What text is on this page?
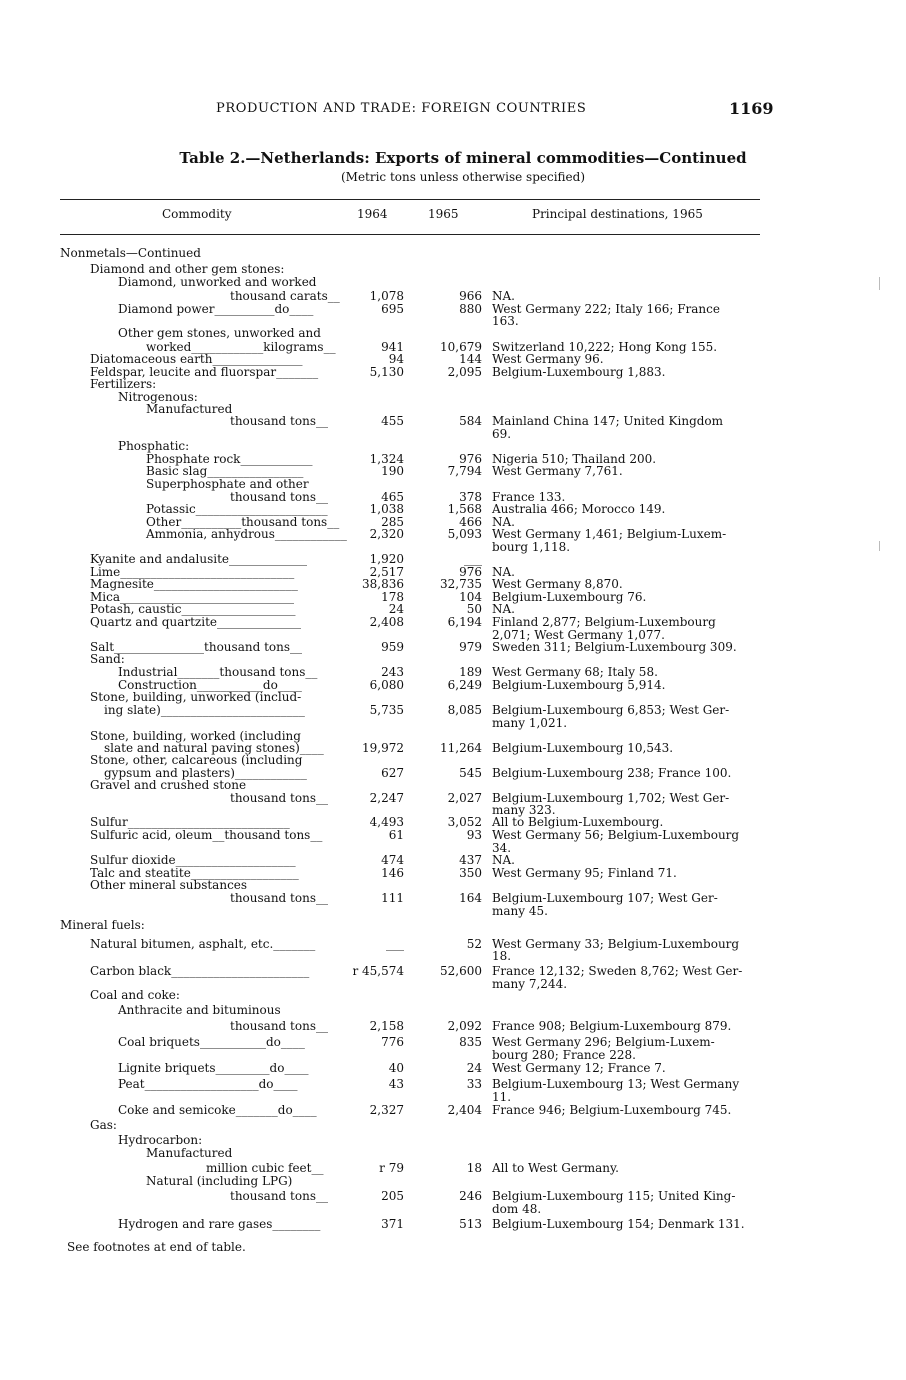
PRODUCTION AND TRADE: FOREIGN COUNTRIES	1169
Table 2.—Netherlands: Exports of mineral commodities—Continued
(Metric tons unless otherwise specified)
Commodity	1964	1965	Principal destinations, 1965
Nonmetals—Continued
Diamond and other gem stones:
Diamond, unworked and worked
thousand carats__	1,078	966 NA.
Diamond power__________do____	695	880 West Germany 222; Italy 166; France
163.
Other gem stones, unworked and
worked____________kilograms__	941	10,679 Switzerland 10,222; Hong Kong 155.
Diatomaceous earth_______________	94	144 West Germany 96.
Feldspar, leucite and fluorspar_______	5,130	2,095 Belgium-Luxembourg 1,883.
Fertilizers:
Nitrogenous:
Manufactured
thousand tons__	455	584 Mainland China 147; United Kingdom
69.
Phosphatic:
Phosphate rock____________	1,324	976 Nigeria 510; Thailand 200.
Basic slag________________	190	7,794 West Germany 7,761.
Superphosphate and other
thousand tons__	465	378 France 133.
Potassic______________________	1,038	1,568 Australia 466; Morocco 149.
Other__________thousand tons__	285	466 NA.
Ammonia, anhydrous____________	2,320	5,093 West Germany 1,461; Belgium-Luxem-
bourg 1,118.
Kyanite and andalusite_____________	1,920	___
Lime_____________________________	2,517	976 NA.
Magnesite________________________	38,836	32,735 West Germany 8,870.
Mica_____________________________	178	104 Belgium-Luxembourg 76.
Potash, caustic___________________	24	50 NA.
Quartz and quartzite______________	2,408	6,194 Finland 2,877; Belgium-Luxembourg
2,071; West Germany 1,077.
Salt_______________thousand tons__	959	979 Sweden 311; Belgium-Luxembourg 309.
Sand:
Industrial_______thousand tons__	243	189 West Germany 68; Italy 58.
Construction___________do____	6,080	6,249 Belgium-Luxembourg 5,914.
Stone, building, unworked (includ-
ing slate)________________________	5,735	8,085 Belgium-Luxembourg 6,853; West Ger-
many 1,021.
Stone, building, worked (including
slate and natural paving stones)____	19,972	11,264 Belgium-Luxembourg 10,543.
Stone, other, calcareous (including
gypsum and plasters)____________	627	545 Belgium-Luxembourg 238; France 100.
Gravel and crushed stone
thousand tons__	2,247	2,027 Belgium-Luxembourg 1,702; West Ger-
many 323.
Sulfur___________________________	4,493	3,052 All to Belgium-Luxembourg.
Sulfuric acid, oleum__thousand tons__	61	93 West Germany 56; Belgium-Luxembourg
34.
Sulfur dioxide____________________	474	437 NA.
Talc and steatite__________________	146	350 West Germany 95; Finland 71.
Other mineral substances
thousand tons__	111	164 Belgium-Luxembourg 107; West Ger-
many 45.
Mineral fuels:
Natural bitumen, asphalt, etc._______	___	52 West Germany 33; Belgium-Luxembourg
18.
Carbon black_______________________	r 45,574	52,600 France 12,132; Sweden 8,762; West Ger-
many 7,244.
Coal and coke:
Anthracite and bituminous
thousand tons__	2,158	2,092 France 908; Belgium-Luxembourg 879.
Coal briquets___________do____	776	835 West Germany 296; Belgium-Luxem-
bourg 280; France 228.
Lignite briquets_________do____	40	24 West Germany 12; France 7.
Peat___________________do____	43	33 Belgium-Luxembourg 13; West Germany
11.
Coke and semicoke_______do____	2,327	2,404 France 946; Belgium-Luxembourg 745.
Gas:
Hydrocarbon:
Manufactured
million cubic feet__	r 79	18 All to West Germany.
Natural (including LPG)
thousand tons__	205	246 Belgium-Luxembourg 115; United King-
dom 48.
Hydrogen and rare gases________	371	513 Belgium-Luxembourg 154; Denmark 131.
See footnotes at end of table.
